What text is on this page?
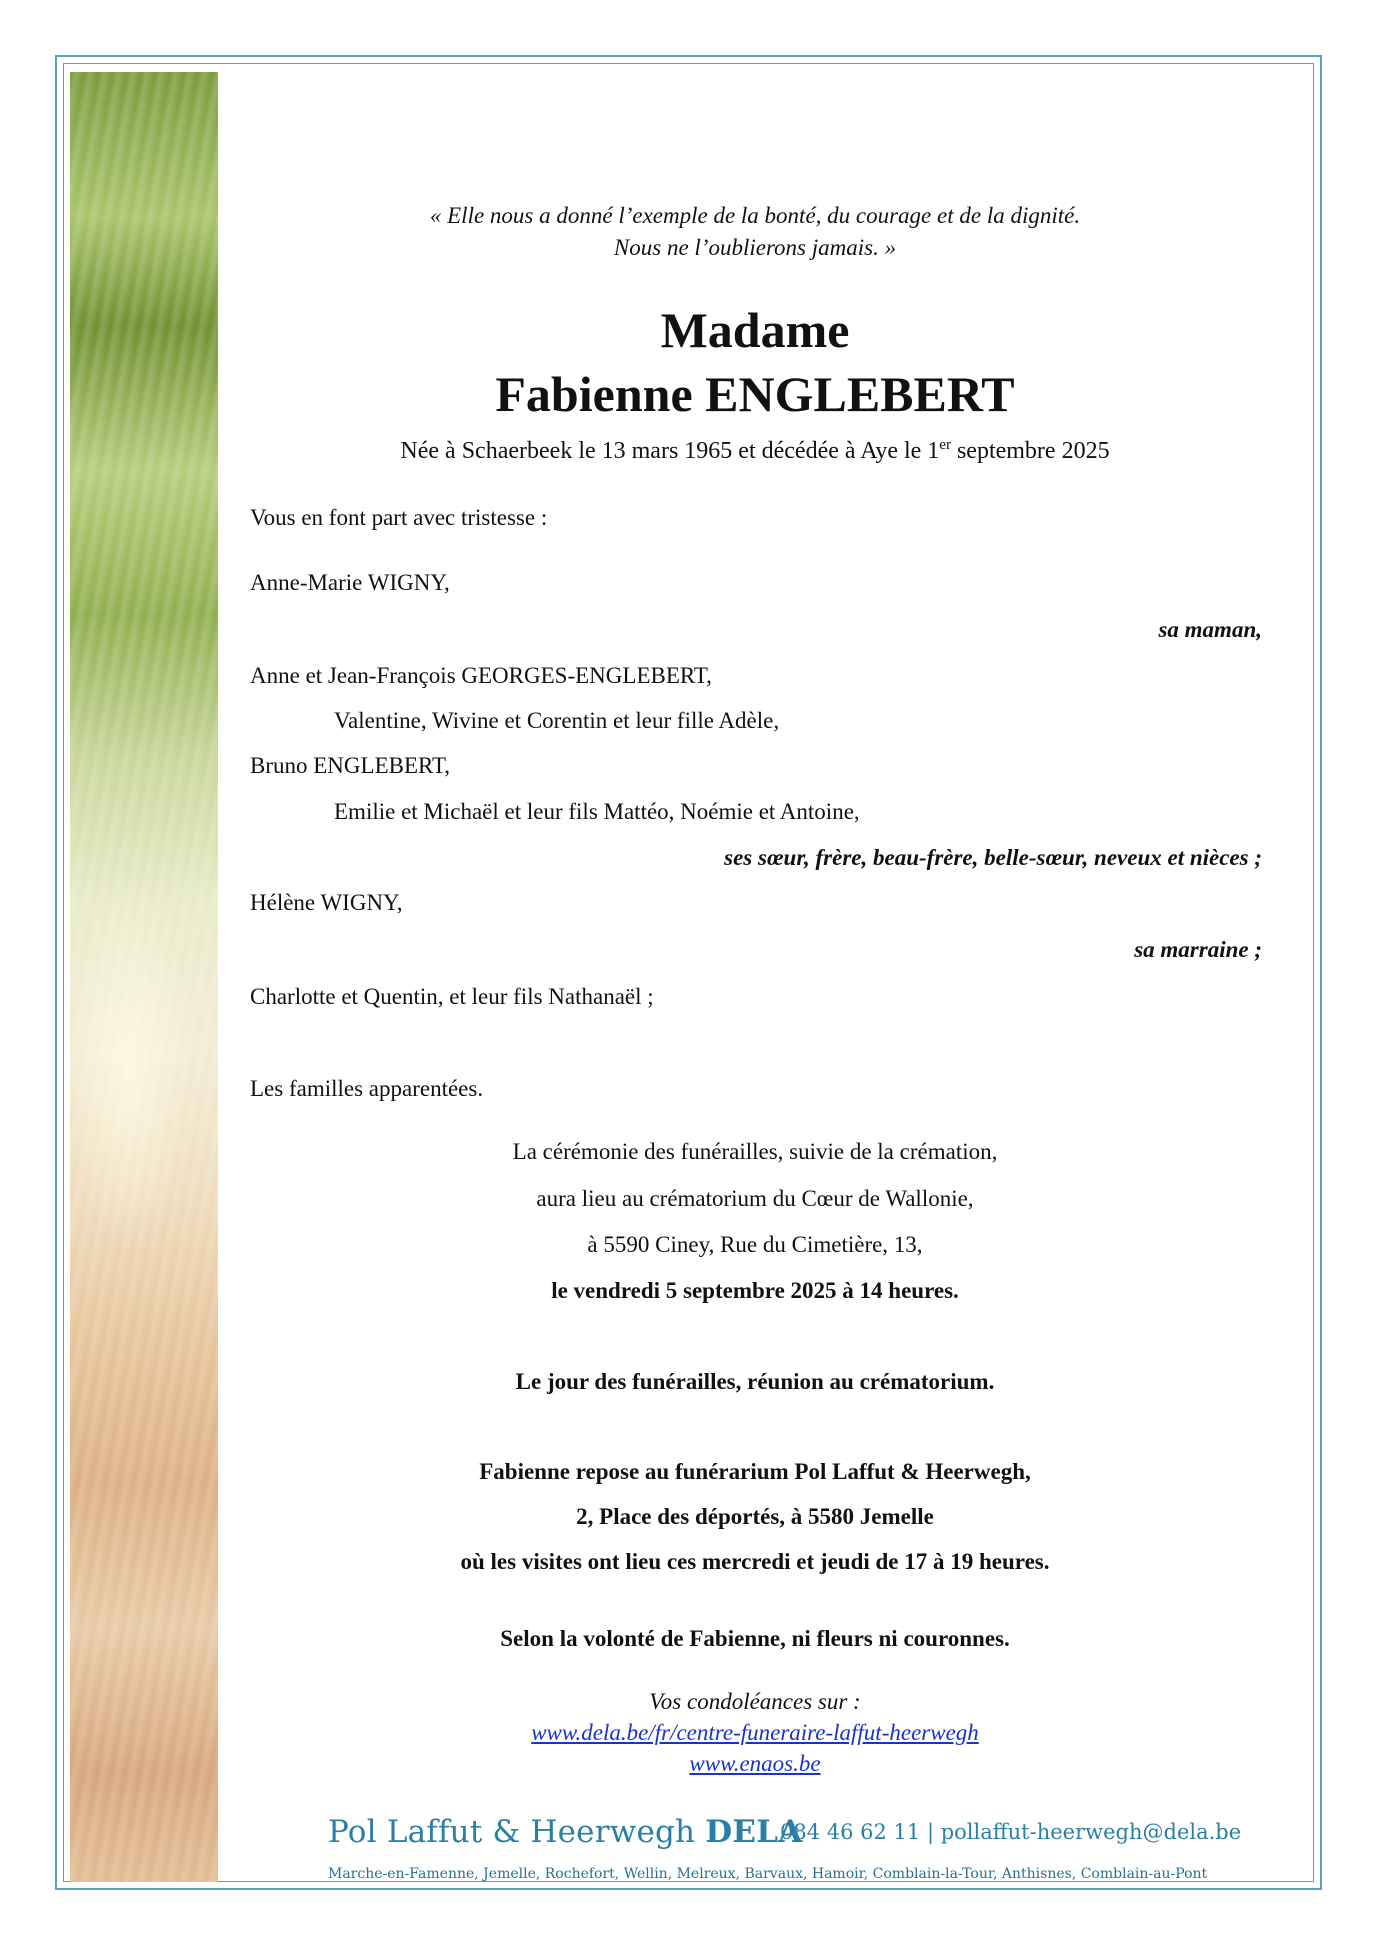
« Elle nous a donné l’exemple de la bonté, du courage et de la dignité.
Nous ne l’oublierons jamais. »
Madame
Fabienne ENGLEBERT
Née à Schaerbeek le 13 mars 1965 et décédée à Aye le 1er septembre 2025
Vous en font part avec tristesse :
Anne-Marie WIGNY,
sa maman,
Anne et Jean-François GEORGES-ENGLEBERT,
Valentine, Wivine et Corentin et leur fille Adèle,
Bruno ENGLEBERT,
Emilie et Michaël et leur fils Mattéo, Noémie et Antoine,
ses sœur, frère, beau-frère, belle-sœur, neveux et nièces ;
Hélène WIGNY,
sa marraine ;
Charlotte et Quentin, et leur fils Nathanaël ;
Les familles apparentées.
La cérémonie des funérailles, suivie de la crémation,
aura lieu au crématorium du Cœur de Wallonie,
à 5590 Ciney, Rue du Cimetière, 13,
le vendredi 5 septembre 2025 à 14 heures.
Le jour des funérailles, réunion au crématorium.
Fabienne repose au funérarium Pol Laffut & Heerwegh,
2, Place des déportés, à 5580 Jemelle
où les visites ont lieu ces mercredi et jeudi de 17 à 19 heures.
Selon la volonté de Fabienne, ni fleurs ni couronnes.
Vos condoléances sur :
www.dela.be/fr/centre-funeraire-laffut-heerwegh
www.enaos.be
Pol Laffut & Heerwegh DELA
084 46 62 11 | pollaffut-heerwegh@dela.be
Marche-en-Famenne, Jemelle, Rochefort, Wellin, Melreux, Barvaux, Hamoir, Comblain-la-Tour, Anthisnes, Comblain-au-Pont
